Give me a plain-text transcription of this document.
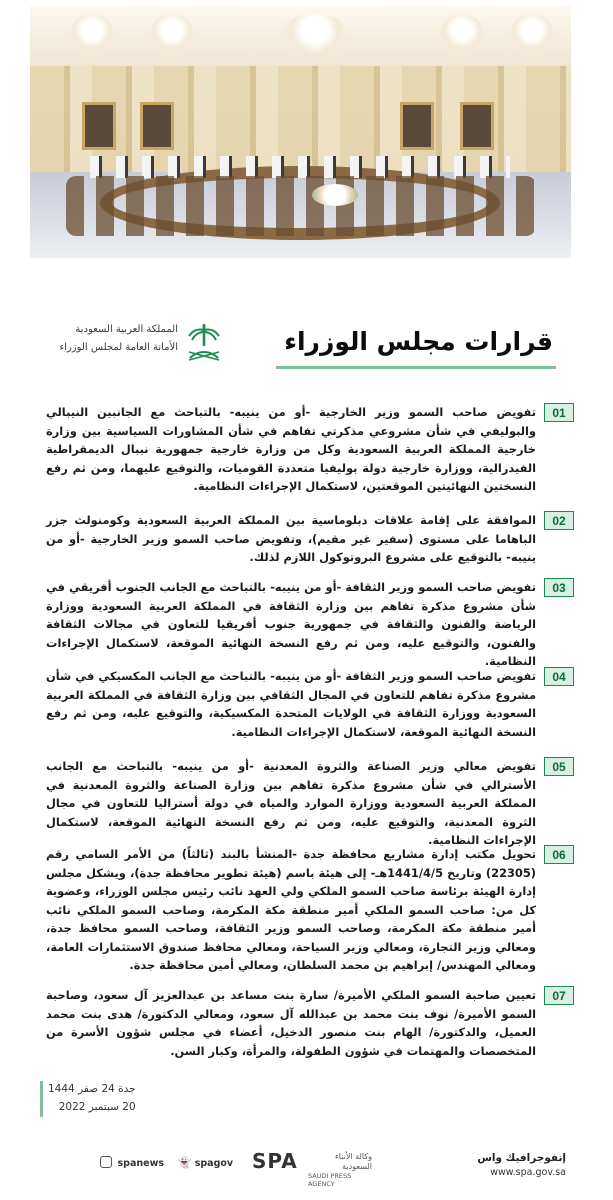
المملكة العربية السعودية
الأمانة العامة لمجلس الوزراء	قرارات مجلس الوزراء
01
تفويض صاحب السمو وزير الخارجية -أو من ينيبه- بالتباحث مع الجانبين النيبالي والبوليفي في شأن مشروعي مذكرتي تفاهم في شأن المشاورات السياسية بين وزارة خارجية المملكة العربية السعودية وكل من وزارة خارجية جمهورية نيبال الديمقراطية الفيدرالية، ووزارة خارجية دولة بوليفيا متعددة القوميات، والتوقيع عليهما، ومن ثم رفع النسختين النهائيتين الموقعتين، لاستكمال الإجراءات النظامية.
02
الموافقة على إقامة علاقات دبلوماسية بين المملكة العربية السعودية وكومنولث جزر الباهاما على مستوى (سفير غير مقيم)، وتفويض صاحب السمو وزير الخارجية -أو من ينيبه- بالتوقيع على مشروع البروتوكول اللازم لذلك.
03
تفويض صاحب السمو وزير الثقافة -أو من ينيبه- بالتباحث مع الجانب الجنوب أفريقي في شأن مشروع مذكرة تفاهم بين وزارة الثقافة في المملكة العربية السعودية ووزارة الرياضة والفنون والثقافة في جمهورية جنوب أفريقيا للتعاون في مجالات الثقافة والفنون، والتوقيع عليه، ومن ثم رفع النسخة النهائية الموقعة، لاستكمال الإجراءات النظامية.
04
تفويض صاحب السمو وزير الثقافة -أو من ينيبه- بالتباحث مع الجانب المكسيكي في شأن مشروع مذكرة تفاهم للتعاون في المجال الثقافي بين وزارة الثقافة في المملكة العربية السعودية ووزارة الثقافة في الولايات المتحدة المكسيكية، والتوقيع عليه، ومن ثم رفع النسخة النهائية الموقعة، لاستكمال الإجراءات النظامية.
05
تفويض معالي وزير الصناعة والثروة المعدنية -أو من ينيبه- بالتباحث مع الجانب الأسترالي في شأن مشروع مذكرة تفاهم بين وزارة الصناعة والثروة المعدنية في المملكة العربية السعودية ووزارة الموارد والمياه في دولة أستراليا للتعاون في مجال الثروة المعدنية، والتوقيع عليه، ومن ثم رفع النسخة النهائية الموقعة، لاستكمال الإجراءات النظامية.
06
تحويل مكتب إدارة مشاريع محافظة جدة -المنشأ بالبند (ثالثاً) من الأمر السامي رقم (22305) وتاريخ 1441/4/5هـ- إلى هيئة باسم (هيئة تطوير محافظة جدة)، ويشكل مجلس إدارة الهيئة برئاسة صاحب السمو الملكي ولي العهد نائب رئيس مجلس الوزراء، وعضوية كل من: صاحب السمو الملكي أمير منطقة مكة المكرمة، وصاحب السمو الملكي نائب أمير منطقة مكة المكرمة، وصاحب السمو وزير الثقافة، وصاحب السمو محافظ جدة، ومعالي وزير التجارة، ومعالي وزير السياحة، ومعالي محافظ صندوق الاستثمارات العامة، ومعالي المهندس/ إبراهيم بن محمد السلطان، ومعالي أمين محافظة جدة.
07
تعيين صاحبة السمو الملكي الأميرة/ سارة بنت مساعد بن عبدالعزيز آل سعود، وصاحبة السمو الأميرة/ نوف بنت محمد بن عبدالله آل سعود، ومعالي الدكتورة/ هدى بنت محمد العميل، والدكتورة/ الهام بنت منصور الدخيل، أعضاء في مجلس شؤون الأسرة من المتخصصات والمهتمات في شؤون الطفولة، والمرأة، وكبار السن.
جدة 24 صفر 1444
20 سبتمبر 2022
spanews 👻 spagov SPA	وكالة الأنباء السعودية
SAUDI PRESS AGENCY
إنفوجرافيك واس
www.spa.gov.sa
